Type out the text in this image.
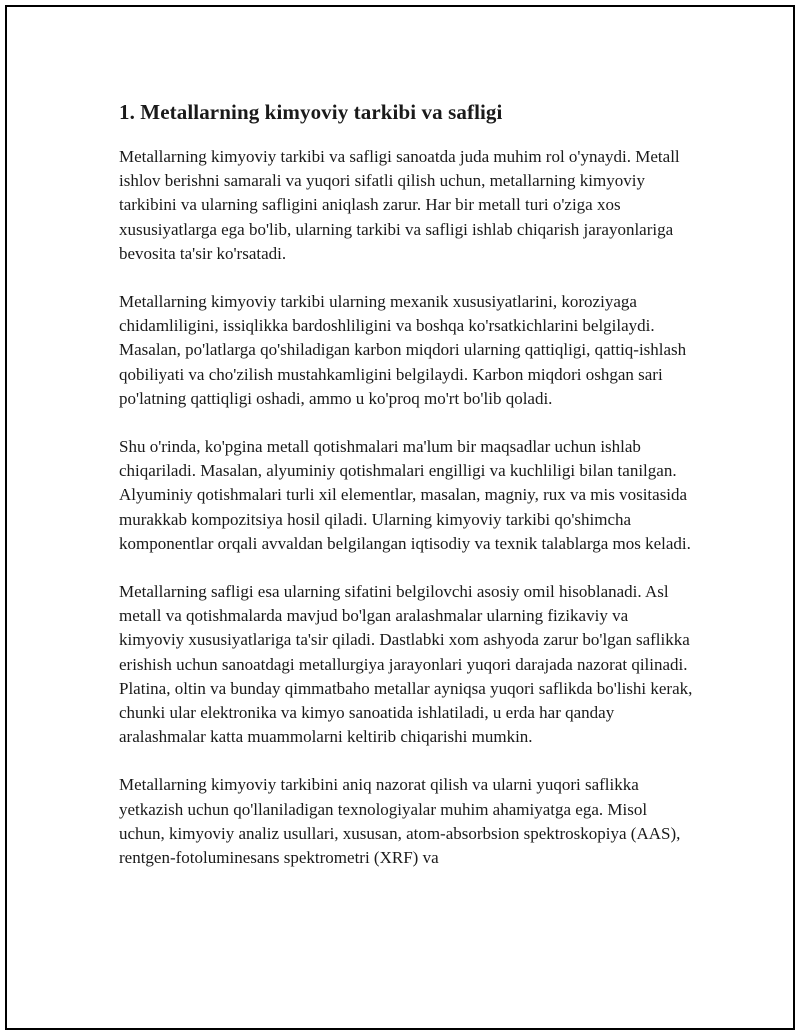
1. Metallarning kimyoviy tarkibi va safligi

Metallarning kimyoviy tarkibi va safligi sanoatda juda muhim rol o'ynaydi. Metall ishlov berishni samarali va yuqori sifatli qilish uchun, metallarning kimyoviy tarkibini va ularning safligini aniqlash zarur. Har bir metall turi o'ziga xos xususiyatlarga ega bo'lib, ularning tarkibi va safligi ishlab chiqarish jarayonlariga bevosita ta'sir ko'rsatadi.

Metallarning kimyoviy tarkibi ularning mexanik xususiyatlarini, koroziyaga chidamliligini, issiqlikka bardoshliligini va boshqa ko'rsatkichlarini belgilaydi. Masalan, po'latlarga qo'shiladigan karbon miqdori ularning qattiqligi, qattiq-ishlash qobiliyati va cho'zilish mustahkamligini belgilaydi. Karbon miqdori oshgan sari po'latning qattiqligi oshadi, ammo u ko'proq mo'rt bo'lib qoladi.

Shu o'rinda, ko'pgina metall qotishmalari ma'lum bir maqsadlar uchun ishlab chiqariladi. Masalan, alyuminiy qotishmalari engilligi va kuchliligi bilan tanilgan. Alyuminiy qotishmalari turli xil elementlar, masalan, magniy, rux va mis vositasida murakkab kompozitsiya hosil qiladi. Ularning kimyoviy tarkibi qo'shimcha komponentlar orqali avvaldan belgilangan iqtisodiy va texnik talablarga mos keladi.

Metallarning safligi esa ularning sifatini belgilovchi asosiy omil hisoblanadi. Asl metall va qotishmalarda mavjud bo'lgan aralashmalar ularning fizikaviy va kimyoviy xususiyatlariga ta'sir qiladi. Dastlabki xom ashyoda zarur bo'lgan saflikka erishish uchun sanoatdagi metallurgiya jarayonlari yuqori darajada nazorat qilinadi. Platina, oltin va bunday qimmatbaho metallar ayniqsa yuqori saflikda bo'lishi kerak, chunki ular elektronika va kimyo sanoatida ishlatiladi, u erda har qanday aralashmalar katta muammolarni keltirib chiqarishi mumkin.

Metallarning kimyoviy tarkibini aniq nazorat qilish va ularni yuqori saflikka yetkazish uchun qo'llaniladigan texnologiyalar muhim ahamiyatga ega. Misol uchun, kimyoviy analiz usullari, xususan, atom-absorbsion spektroskopiya (AAS), rentgen-fotoluminesans spektrometri (XRF) va
